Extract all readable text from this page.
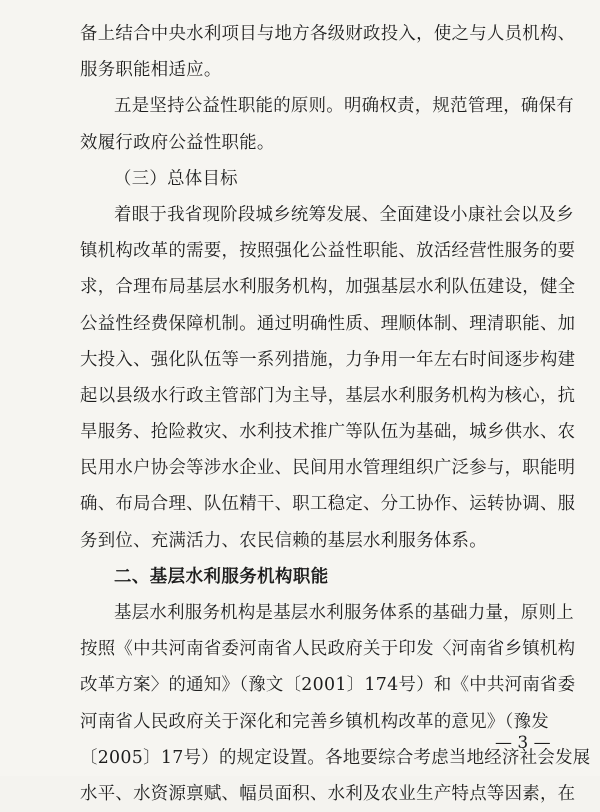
备上结合中央水利项目与地方各级财政投入，使之与人员机构、
服务职能相适应。
五是坚持公益性职能的原则。明确权责，规范管理，确保有
效履行政府公益性职能。
（三）总体目标
着眼于我省现阶段城乡统筹发展、全面建设小康社会以及乡
镇机构改革的需要，按照强化公益性职能、放活经营性服务的要
求，合理布局基层水利服务机构，加强基层水利队伍建设，健全
公益性经费保障机制。通过明确性质、理顺体制、理清职能、加
大投入、强化队伍等一系列措施，力争用一年左右时间逐步构建
起以县级水行政主管部门为主导，基层水利服务机构为核心，抗
旱服务、抢险救灾、水利技术推广等队伍为基础，城乡供水、农
民用水户协会等涉水企业、民间用水管理组织广泛参与，职能明
确、布局合理、队伍精干、职工稳定、分工协作、运转协调、服
务到位、充满活力、农民信赖的基层水利服务体系。
二、基层水利服务机构职能
基层水利服务机构是基层水利服务体系的基础力量，原则上
按照《中共河南省委河南省人民政府关于印发〈河南省乡镇机构
改革方案〉的通知》（豫文〔2001〕174号）和《中共河南省委
河南省人民政府关于深化和完善乡镇机构改革的意见》（豫发
〔2005〕17号）的规定设置。各地要综合考虑当地经济社会发展
水平、水资源禀赋、幅员面积、水利及农业生产特点等因素，在
— 3 —
